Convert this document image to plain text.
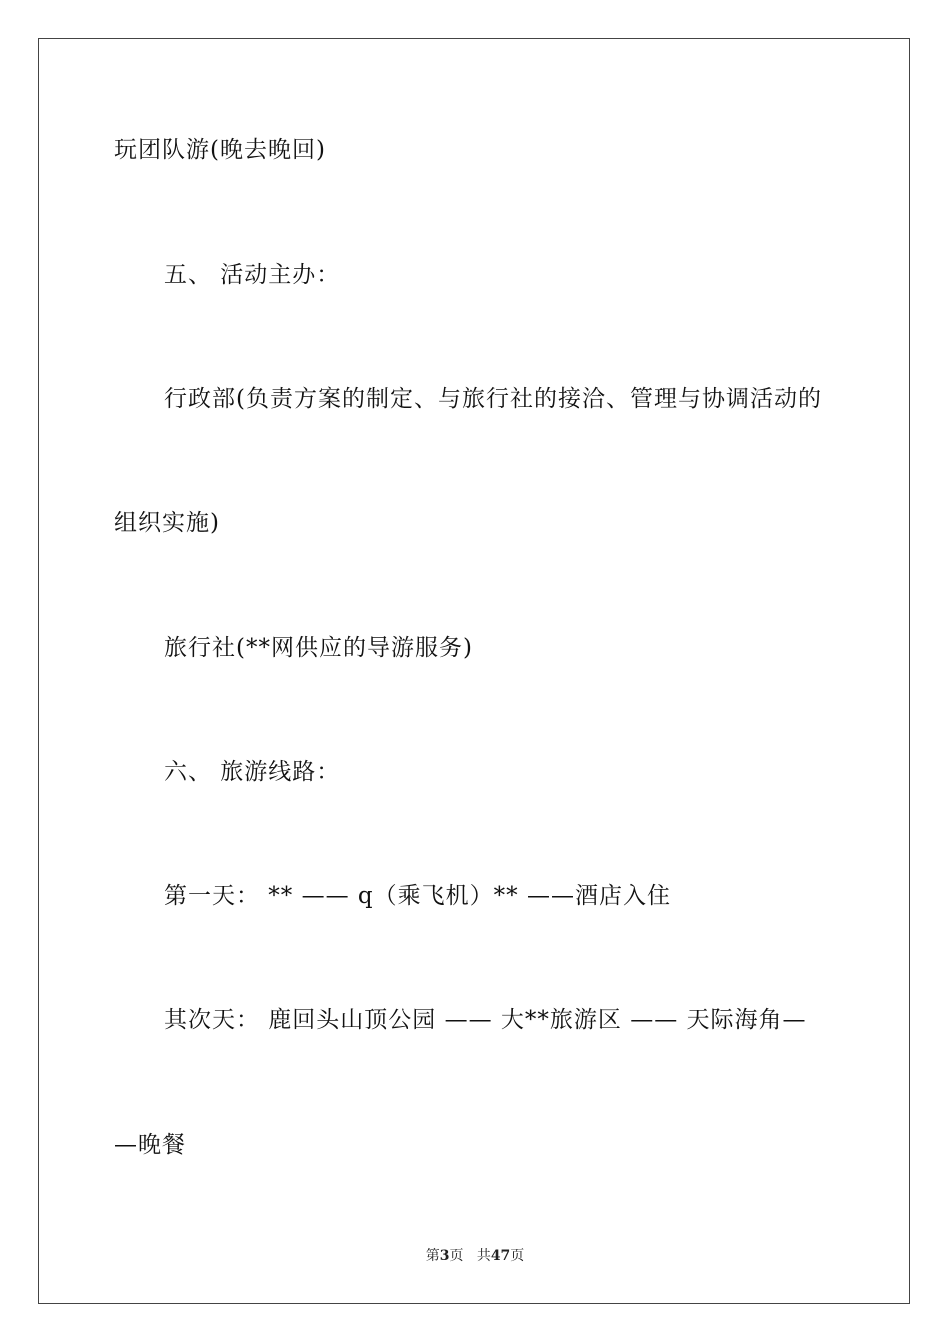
玩团队游(晚去晚回)
五、 活动主办：
行政部(负责方案的制定、与旅行社的接洽、管理与协调活动的
组织实施)
旅行社(**网供应的导游服务)
六、 旅游线路：
第一天： ** —— q（乘飞机）** ——酒店入住
其次天： 鹿回头山顶公园 —— 大**旅游区 —— 天际海角—
—晚餐
第3页 共47页
